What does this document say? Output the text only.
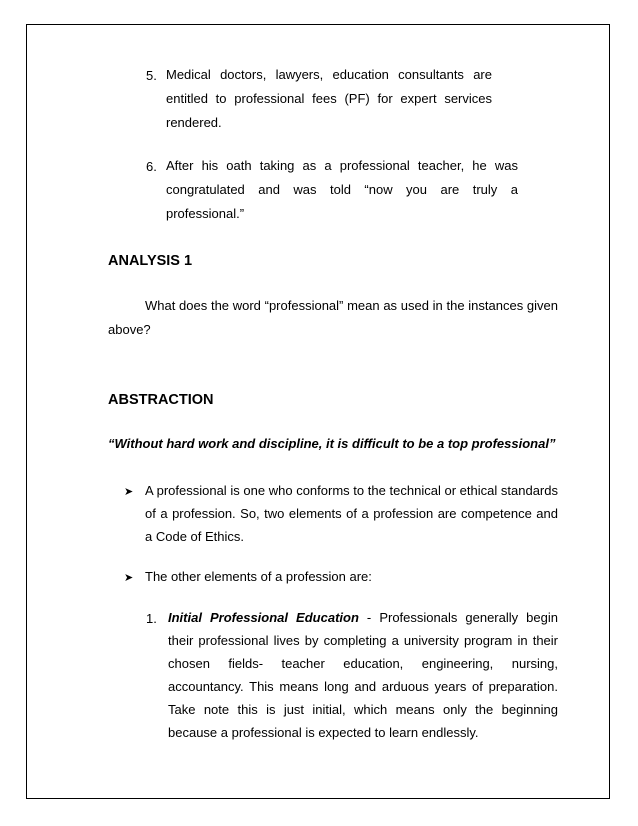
5. Medical doctors, lawyers, education consultants are entitled to professional fees (PF) for expert services rendered.
6. After his oath taking as a professional teacher, he was congratulated and was told “now you are truly a professional.”
ANALYSIS 1
What does the word “professional” mean as used in the instances given above?
ABSTRACTION
“Without hard work and discipline, it is difficult to be a top professional”
➤ A professional is one who conforms to the technical or ethical standards of a profession. So, two elements of a profession are competence and a Code of Ethics.
➤ The other elements of a profession are:
1. Initial Professional Education - Professionals generally begin their professional lives by completing a university program in their chosen fields- teacher education, engineering, nursing, accountancy. This means long and arduous years of preparation. Take note this is just initial, which means only the beginning because a professional is expected to learn endlessly.
